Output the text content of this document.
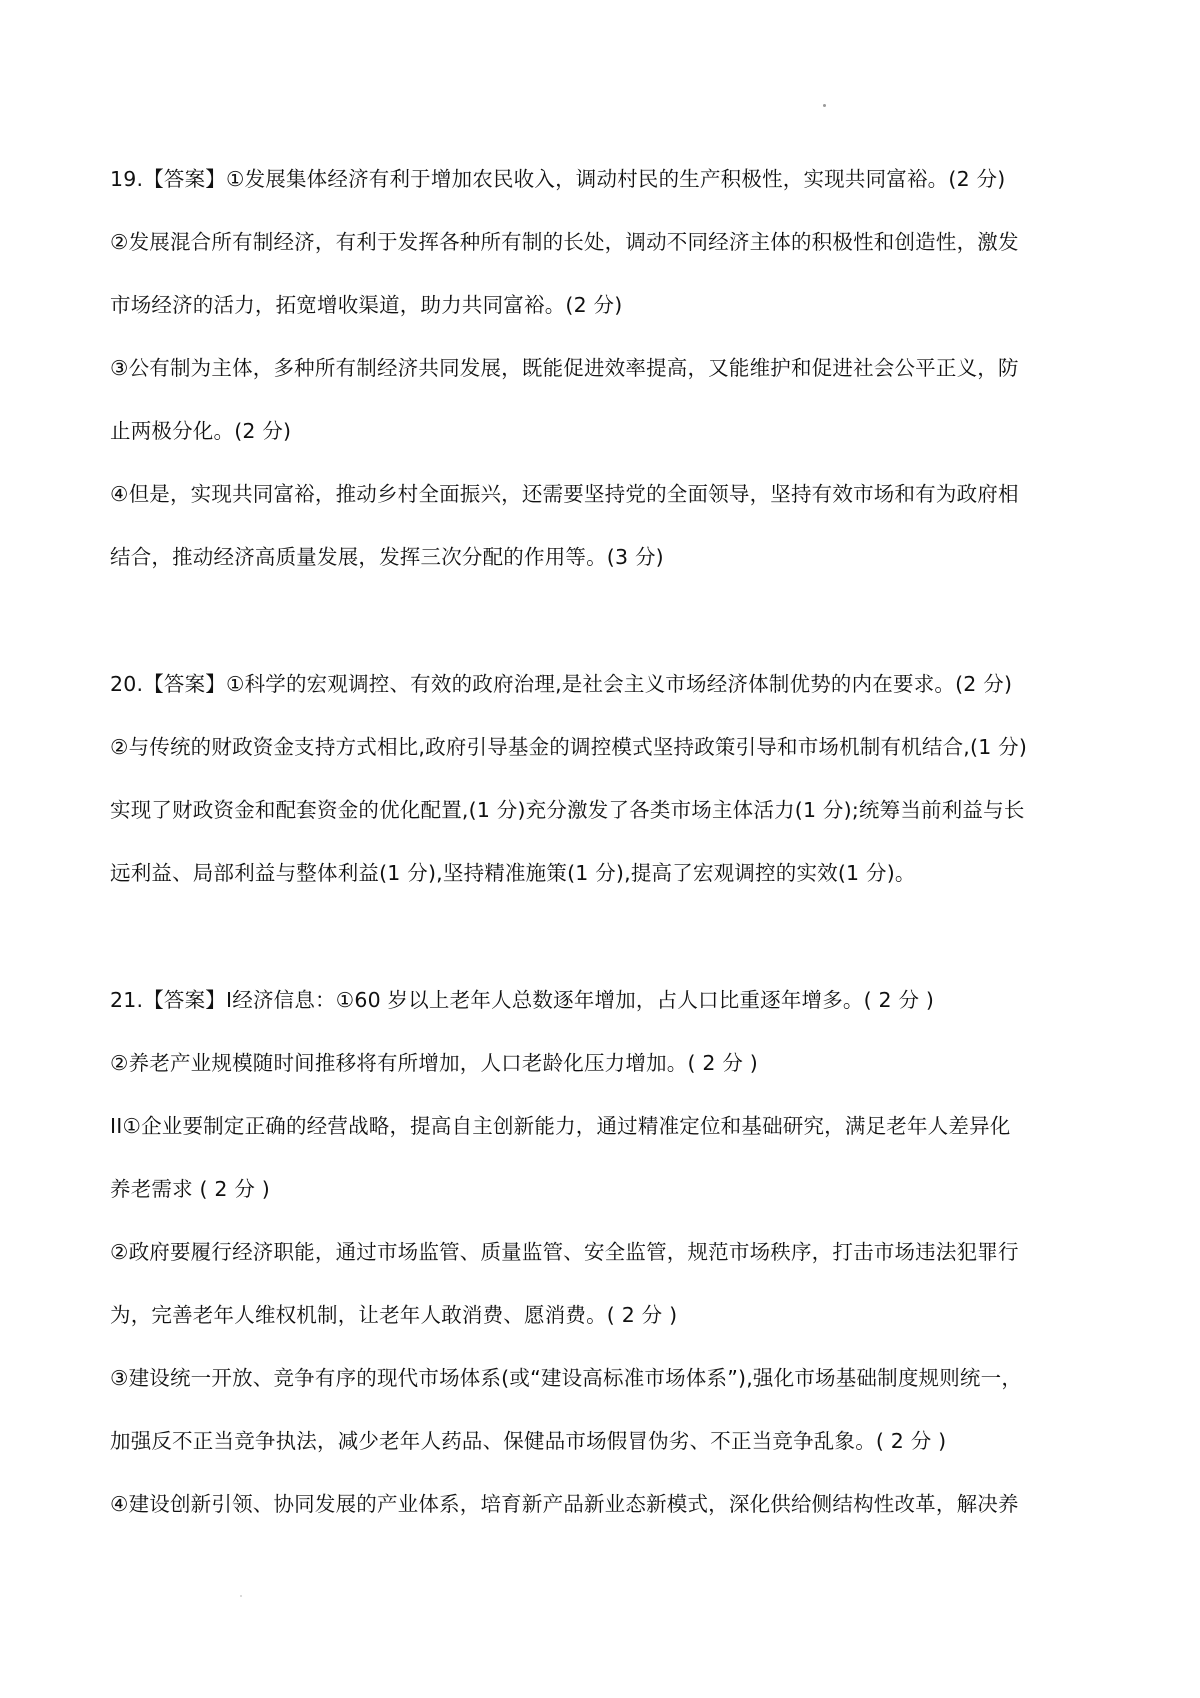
19.【答案】①发展集体经济有利于增加农民收入，调动村民的生产积极性，实现共同富裕。(2 分)
②发展混合所有制经济，有利于发挥各种所有制的长处，调动不同经济主体的积极性和创造性，激发
市场经济的活力，拓宽增收渠道，助力共同富裕。(2 分)
③公有制为主体，多种所有制经济共同发展，既能促进效率提高，又能维护和促进社会公平正义，防
止两极分化。(2 分)
④但是，实现共同富裕，推动乡村全面振兴，还需要坚持党的全面领导，坚持有效市场和有为政府相
结合，推动经济高质量发展，发挥三次分配的作用等。(3 分)
20.【答案】①科学的宏观调控、有效的政府治理,是社会主义市场经济体制优势的内在要求。(2 分)
②与传统的财政资金支持方式相比,政府引导基金的调控模式坚持政策引导和市场机制有机结合,(1 分)
实现了财政资金和配套资金的优化配置,(1 分)充分激发了各类市场主体活力(1 分);统筹当前利益与长
远利益、局部利益与整体利益(1 分),坚持精准施策(1 分),提高了宏观调控的实效(1 分)。
21.【答案】I经济信息：①60 岁以上老年人总数逐年增加，占人口比重逐年增多。( 2 分 )
②养老产业规模随时间推移将有所增加，人口老龄化压力增加。( 2 分 )
II①企业要制定正确的经营战略，提高自主创新能力，通过精准定位和基础研究，满足老年人差异化
养老需求 ( 2 分 )
②政府要履行经济职能，通过市场监管、质量监管、安全监管，规范市场秩序，打击市场违法犯罪行
为，完善老年人维权机制，让老年人敢消费、愿消费。( 2 分 )
③建设统一开放、竞争有序的现代市场体系(或“建设高标准市场体系”),强化市场基础制度规则统一，
加强反不正当竞争执法，减少老年人药品、保健品市场假冒伪劣、不正当竞争乱象。( 2 分 )
④建设创新引领、协同发展的产业体系，培育新产品新业态新模式，深化供给侧结构性改革，解决养
